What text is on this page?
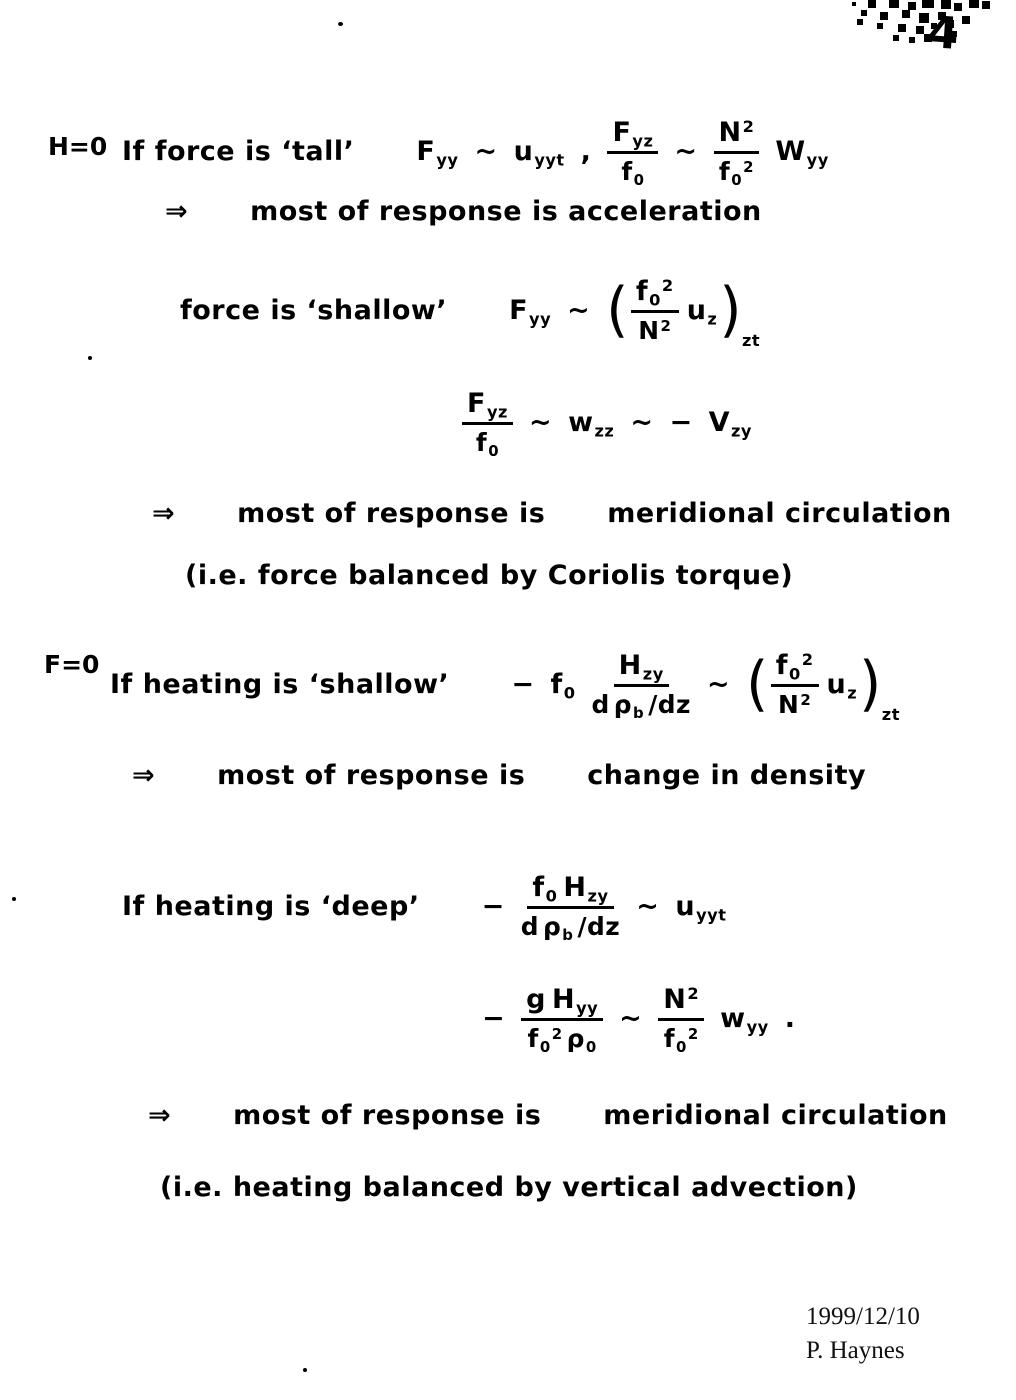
4
H=0
F=0
If force is ‘tall’ F yy ~ u yyt , $\frac{\text{F yz}}{f 0}$ ~ N 2
f 0
2 W yy
⇒ most of response is acceleration
force is ‘shallow’ F yy ~ ( f 0
2
N 2 u z ) zt
$\frac{\text{F yz}}{f 0}$ ~ w zz ~ − V zy
⇒ most of response is meridional circulation
(i.e. force balanced by Coriolis torque)
If heating is ‘shallow’ − f $0 \frac{\text{H zy}}{\text{d ρ b /dz}}$ ~ ( f 0
2
N 2 u z ) zt
⇒ most of response is change in density
If heating is ‘deep’ − $\frac{\text{f 0 H zy}}{\text{d ρ b /dz}}$ ~ u yyt
− g H yy
f 0
2 ρ 0 ~ N 2
f 0
2 w yy .
⇒ most of response is meridional circulation
(i.e. heating balanced by vertical advection)
1999/12/10
P. Haynes
